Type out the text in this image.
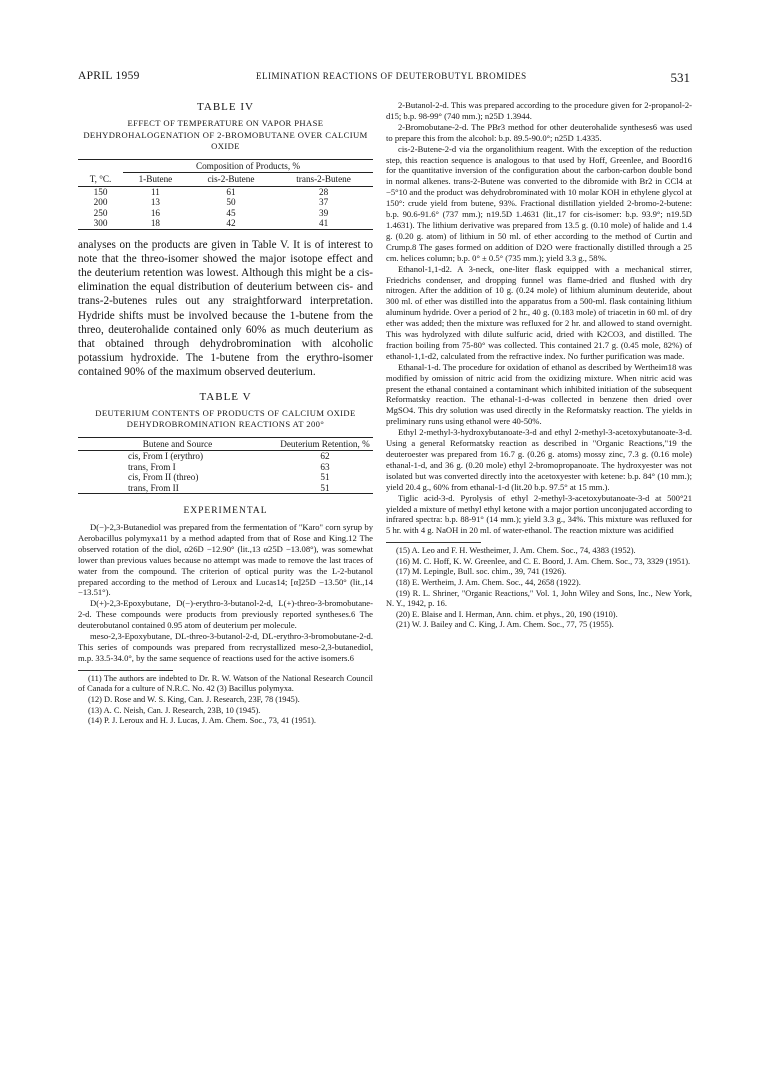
APRIL 1959	ELIMINATION REACTIONS OF DEUTEROBUTYL BROMIDES	531

TABLE IV

EFFECT OF TEMPERATURE ON VAPOR PHASE DEHYDROHALOGENATION OF 2-BROMOBUTANE OVER CALCIUM OXIDE

	Composition of Products, %		
T, °C.	1-Butene	cis-2-Butene	trans-2-Butene
150	11	61	28
200	13	50	37
250	16	45	39
300	18	42	41

analyses on the products are given in Table V. It is of interest to note that the threo-isomer showed the major isotope effect and the deuterium retention was lowest. Although this might be a cis-elimination the equal distribution of deuterium between cis- and trans-2-butenes rules out any straightforward interpretation. Hydride shifts must be involved because the 1-butene from the threo, deuterohalide contained only 60% as much deuterium as that obtained through dehydrobromination with alcoholic potassium hydroxide. The 1-butene from the erythro-isomer contained 90% of the maximum observed deuterium.

TABLE V

DEUTERIUM CONTENTS OF PRODUCTS OF CALCIUM OXIDE DEHYDROBROMINATION REACTIONS AT 200°

Butene and Source	Deuterium Retention, %
cis, From I (erythro)	62
trans, From I	63
cis, From II (threo)	51
trans, From II	51

EXPERIMENTAL

D(−)-2,3-Butanediol was prepared from the fermentation of "Karo" corn syrup by Aerobacillus polymyxa11 by a method adapted from that of Rose and King.12 The observed rotation of the diol, α26D −12.90° (lit.,13 α25D −13.08°), was somewhat lower than previous values because no attempt was made to remove the last traces of water from the compound. The criterion of optical purity was the L-2-butanol prepared according to the method of Leroux and Lucas14; [α]25D −13.50° (lit.,14 −13.51°).

D(+)-2,3-Epoxybutane, D(−)-erythro-3-butanol-2-d, L(+)-threo-3-bromobutane-2-d. These compounds were products from previously reported syntheses.6 The deuterobutanol contained 0.95 atom of deuterium per molecule.

meso-2,3-Epoxybutane, DL-threo-3-butanol-2-d, DL-erythro-3-bromobutane-2-d. This series of compounds was prepared from recrystallized meso-2,3-butanediol, m.p. 33.5-34.0°, by the same sequence of reactions used for the active isomers.6

(11) The authors are indebted to Dr. R. W. Watson of the National Research Council of Canada for a culture of N.R.C. No. 42 (3) Bacillus polymyxa.

(12) D. Rose and W. S. King, Can. J. Research, 23F, 78 (1945).

(13) A. C. Neish, Can. J. Research, 23B, 10 (1945).

(14) P. J. Leroux and H. J. Lucas, J. Am. Chem. Soc., 73, 41 (1951).

2-Butanol-2-d. This was prepared according to the procedure given for 2-propanol-2-d15; b.p. 98-99° (740 mm.); n25D 1.3944.

2-Bromobutane-2-d. The PBr3 method for other deuterohalide syntheses6 was used to prepare this from the alcohol: b.p. 89.5-90.0°; n25D 1.4335.

cis-2-Butene-2-d via the organolithium reagent. With the exception of the reduction step, this reaction sequence is analogous to that used by Hoff, Greenlee, and Boord16 for the quantitative inversion of the configuration about the carbon-carbon double bond in normal alkenes. trans-2-Butene was converted to the dibromide with Br2 in CCl4 at −5°10 and the product was dehydrobrominated with 10 molar KOH in ethylene glycol at 150°: crude yield from butene, 93%. Fractional distillation yielded 2-bromo-2-butene: b.p. 90.6-91.6° (737 mm.); n19.5D 1.4631 (lit.,17 for cis-isomer: b.p. 93.9°; n19.5D 1.4631). The lithium derivative was prepared from 13.5 g. (0.10 mole) of halide and 1.4 g. (0.20 g. atom) of lithium in 50 ml. of ether according to the method of Curtin and Crump.8 The gases formed on addition of D2O were fractionally distilled through a 25 cm. helices column; b.p. 0° ± 0.5° (735 mm.); yield 3.3 g., 58%.

Ethanol-1,1-d2. A 3-neck, one-liter flask equipped with a mechanical stirrer, Friedrichs condenser, and dropping funnel was flame-dried and flushed with dry nitrogen. After the addition of 10 g. (0.24 mole) of lithium aluminum deuteride, about 300 ml. of ether was distilled into the apparatus from a 500-ml. flask containing lithium aluminum hydride. Over a period of 2 hr., 40 g. (0.183 mole) of triacetin in 60 ml. of dry ether was added; then the mixture was refluxed for 2 hr. and allowed to stand overnight. This was hydrolyzed with dilute sulfuric acid, dried with K2CO3, and distilled. The fraction boiling from 75-80° was collected. This contained 21.7 g. (0.45 mole, 82%) of ethanol-1,1-d2, calculated from the refractive index. No further purification was made.

Ethanal-1-d. The procedure for oxidation of ethanol as described by Wertheim18 was modified by omission of nitric acid from the oxidizing mixture. When nitric acid was present the ethanal contained a contaminant which inhibited initiation of the subsequent Reformatsky reaction. The ethanal-1-d-was collected in benzene then dried over MgSO4. This dry solution was used directly in the Reformatsky reaction. The yields in preliminary runs using ethanol were 40-50%.

Ethyl 2-methyl-3-hydroxybutanoate-3-d and ethyl 2-methyl-3-acetoxybutanoate-3-d. Using a general Reformatsky reaction as described in "Organic Reactions,"19 the deuteroester was prepared from 16.7 g. (0.26 g. atoms) mossy zinc, 7.3 g. (0.16 mole) ethanal-1-d, and 36 g. (0.20 mole) ethyl 2-bromopropanoate. The hydroxyester was not isolated but was converted directly into the acetoxyester with ketene: b.p. 84° (10 mm.); yield 20.4 g., 60% from ethanal-1-d (lit.20 b.p. 97.5° at 15 mm.).

Tiglic acid-3-d. Pyrolysis of ethyl 2-methyl-3-acetoxybutanoate-3-d at 500°21 yielded a mixture of methyl ethyl ketone with a major portion unconjugated according to infrared spectra: b.p. 88-91° (14 mm.); yield 3.3 g., 34%. This mixture was refluxed for 5 hr. with 4 g. NaOH in 20 ml. of water-ethanol. The reaction mixture was acidified

(15) A. Leo and F. H. Westheimer, J. Am. Chem. Soc., 74, 4383 (1952).

(16) M. C. Hoff, K. W. Greenlee, and C. E. Boord, J. Am. Chem. Soc., 73, 3329 (1951).

(17) M. Lepingle, Bull. soc. chim., 39, 741 (1926).

(18) E. Wertheim, J. Am. Chem. Soc., 44, 2658 (1922).

(19) R. L. Shriner, "Organic Reactions," Vol. 1, John Wiley and Sons, Inc., New York, N. Y., 1942, p. 16.

(20) E. Blaise and I. Herman, Ann. chim. et phys., 20, 190 (1910).

(21) W. J. Bailey and C. King, J. Am. Chem. Soc., 77, 75 (1955).
